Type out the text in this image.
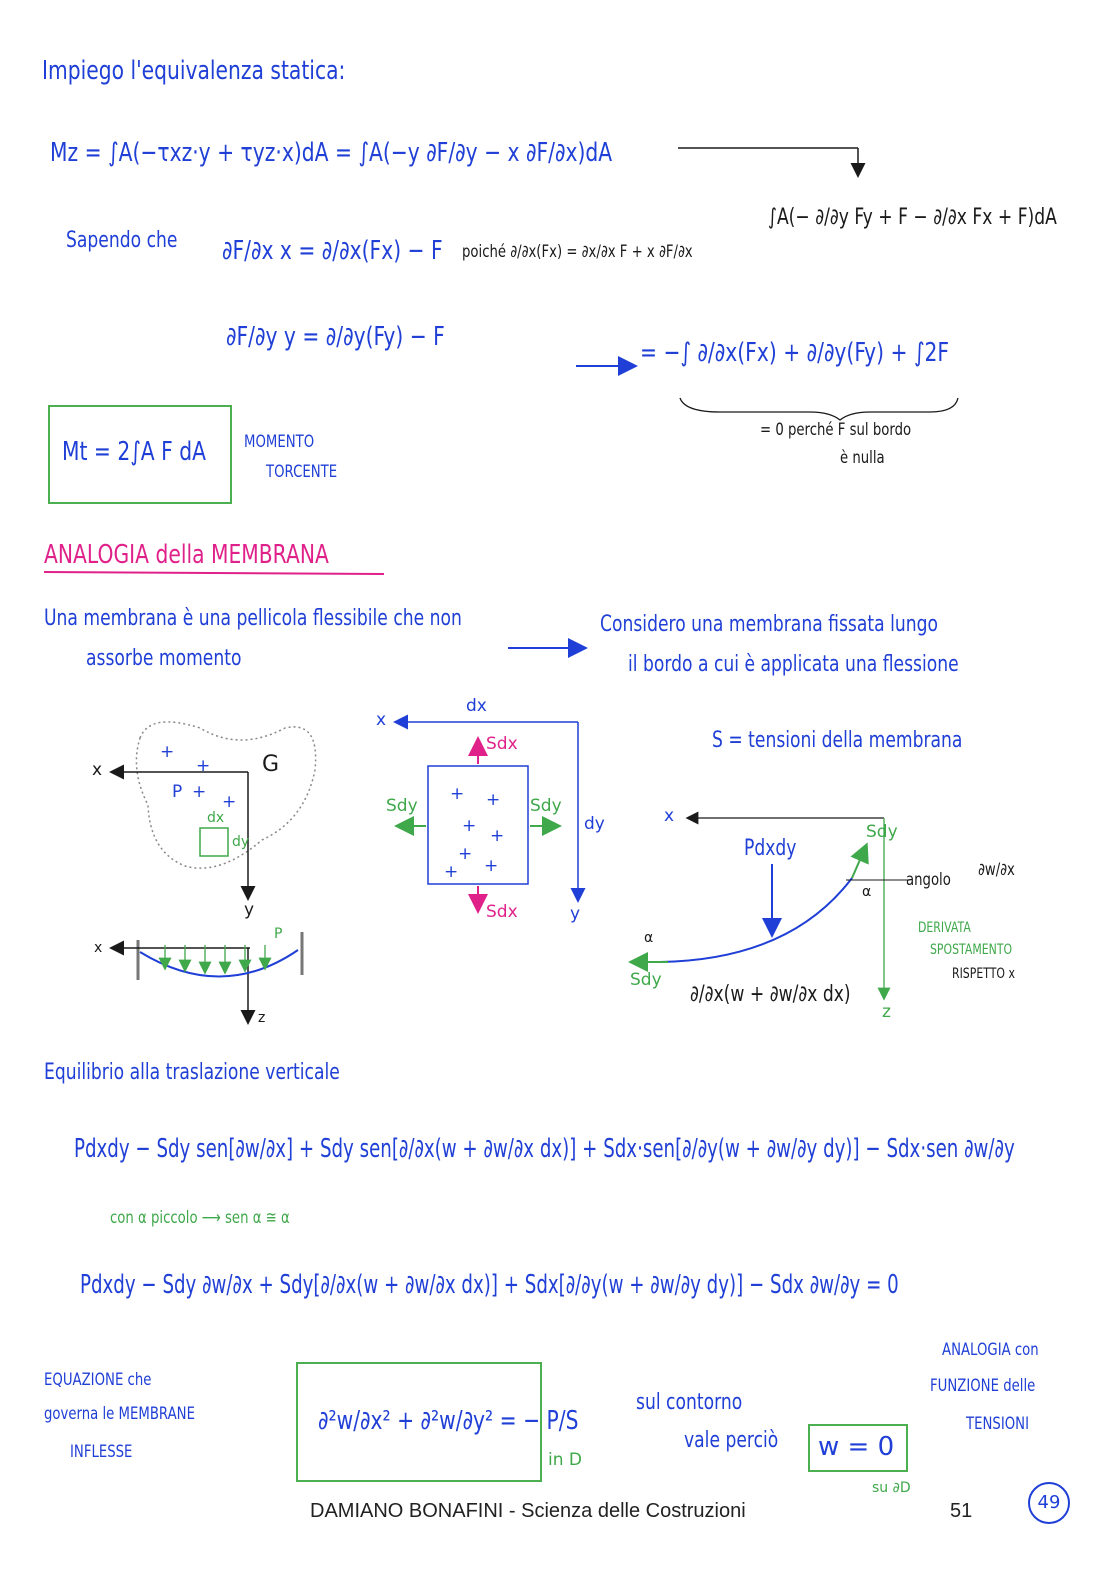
Impiego l'equivalenza statica:
Mz = ∫A(−τxz·y + τyz·x)dA = ∫A(−y ∂F/∂y − x ∂F/∂x)dA
∫A(− ∂/∂y Fy + F − ∂/∂x Fx + F)dA
Sapendo che ∂F/∂x x = ∂/∂x(Fx) − F poiché ∂/∂x(Fx) = ∂x/∂x F + x ∂F/∂x
∂F/∂y y = ∂/∂y(Fy) − F
= −∫ ∂/∂x(Fx) + ∂/∂y(Fy) + ∫2F
= 0 perché F sul bordo
è nulla
Mt = 2∫A F dA MOMENTO
TORCENTE
ANALOGIA della MEMBRANA
Una membrana è una pellicola flessibile che non
assorbe momento
Considero una membrana fissata lungo
il bordo a cui è applicata una flessione
S = tensioni della membrana
x	G
P + +
+
+
dx
dy
y
x
z
P
x
dx
dy
y
Sdx
Sdx
Sdy	Sdy
+ +
+ +
+
+
+
x
z
Pdxdy
Sdy
Sdy
α
α
angolo ∂w/∂x
DERIVATA
SPOSTAMENTO
RISPETTO x
∂/∂x(w + ∂w/∂x dx)
Equilibrio alla traslazione verticale
Pdxdy − Sdy sen[∂w/∂x] + Sdy sen[∂/∂x(w + ∂w/∂x dx)] + Sdx·sen[∂/∂y(w + ∂w/∂y dy)] − Sdx·sen ∂w/∂y
con α piccolo ⟶ sen α ≅ α
Pdxdy − Sdy ∂w/∂x + Sdy[∂/∂x(w + ∂w/∂x dx)] + Sdx[∂/∂y(w + ∂w/∂y dy)] − Sdx ∂w/∂y = 0
EQUAZIONE che
governa le MEMBRANE
INFLESSE
∂²w/∂x² + ∂²w/∂y² = − P/S
in D
sul contorno
vale perciò w = 0
su ∂D
ANALOGIA con
FUNZIONE delle
TENSIONI
DAMIANO BONAFINI - Scienza delle Costruzioni	51	49
